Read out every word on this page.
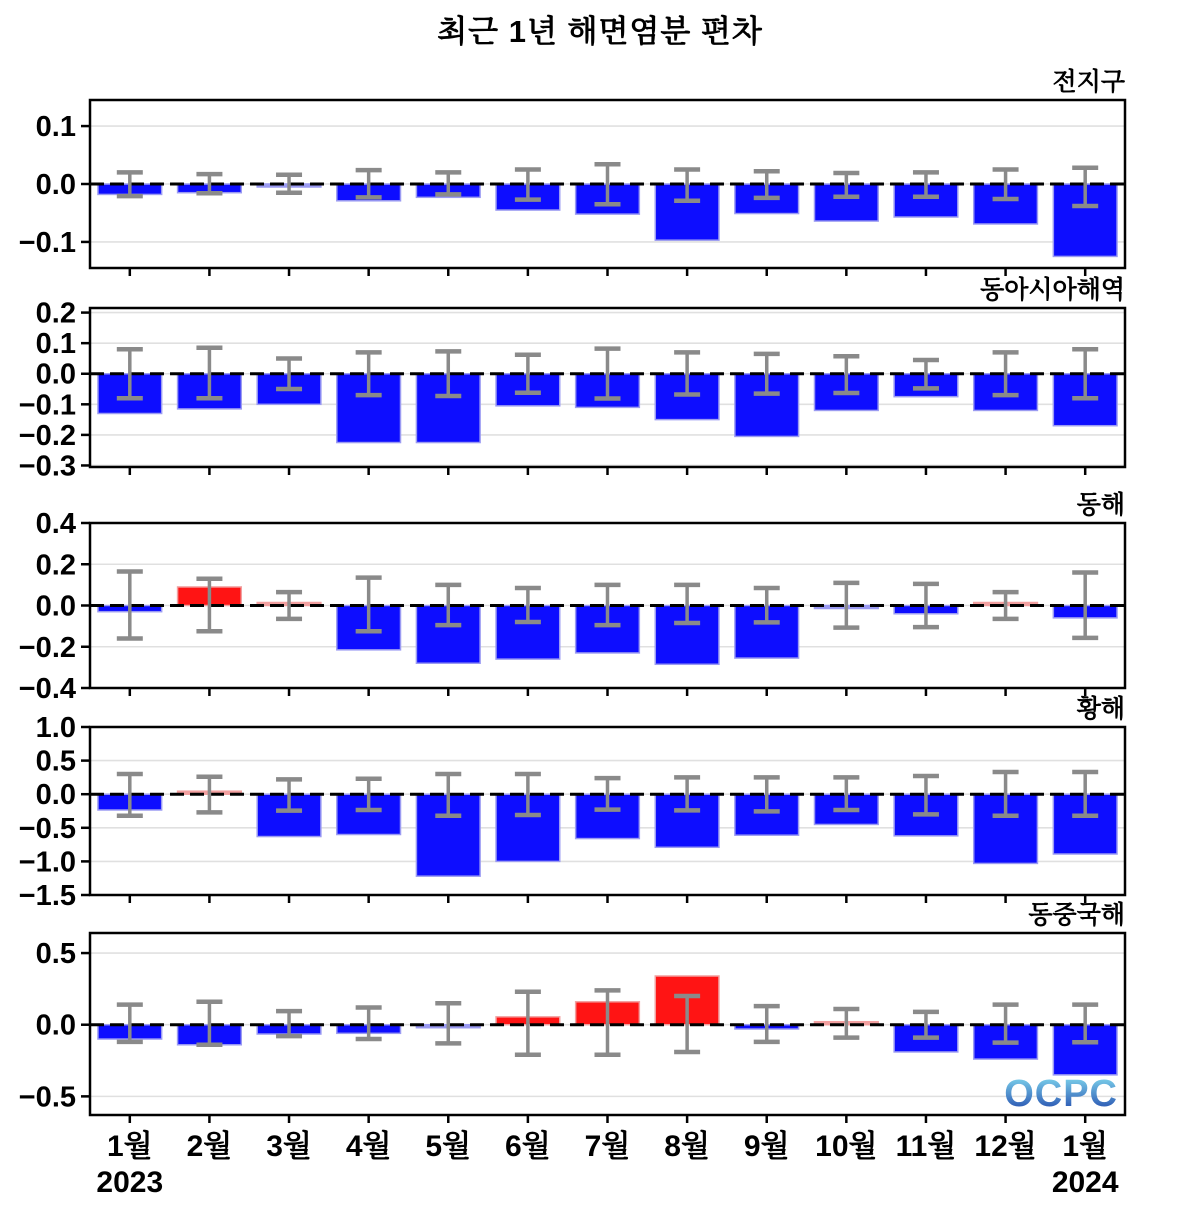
최근 1년 해면염분 편차
0.1
0.0
−0.1
전지구
0.2
0.1
0.0
−0.1
−0.2
−0.3
동아시아해역
0.4
0.2
0.0
−0.2
−0.4
동해
1.0
0.5
0.0
−0.5
−1.0
−1.5
황해
0.5
0.0
−0.5
동중국해
1월 2월 3월 4월 5월 6월 7월 8월 9월 10월 11월 12월 1월
2023	2024
OCPC
